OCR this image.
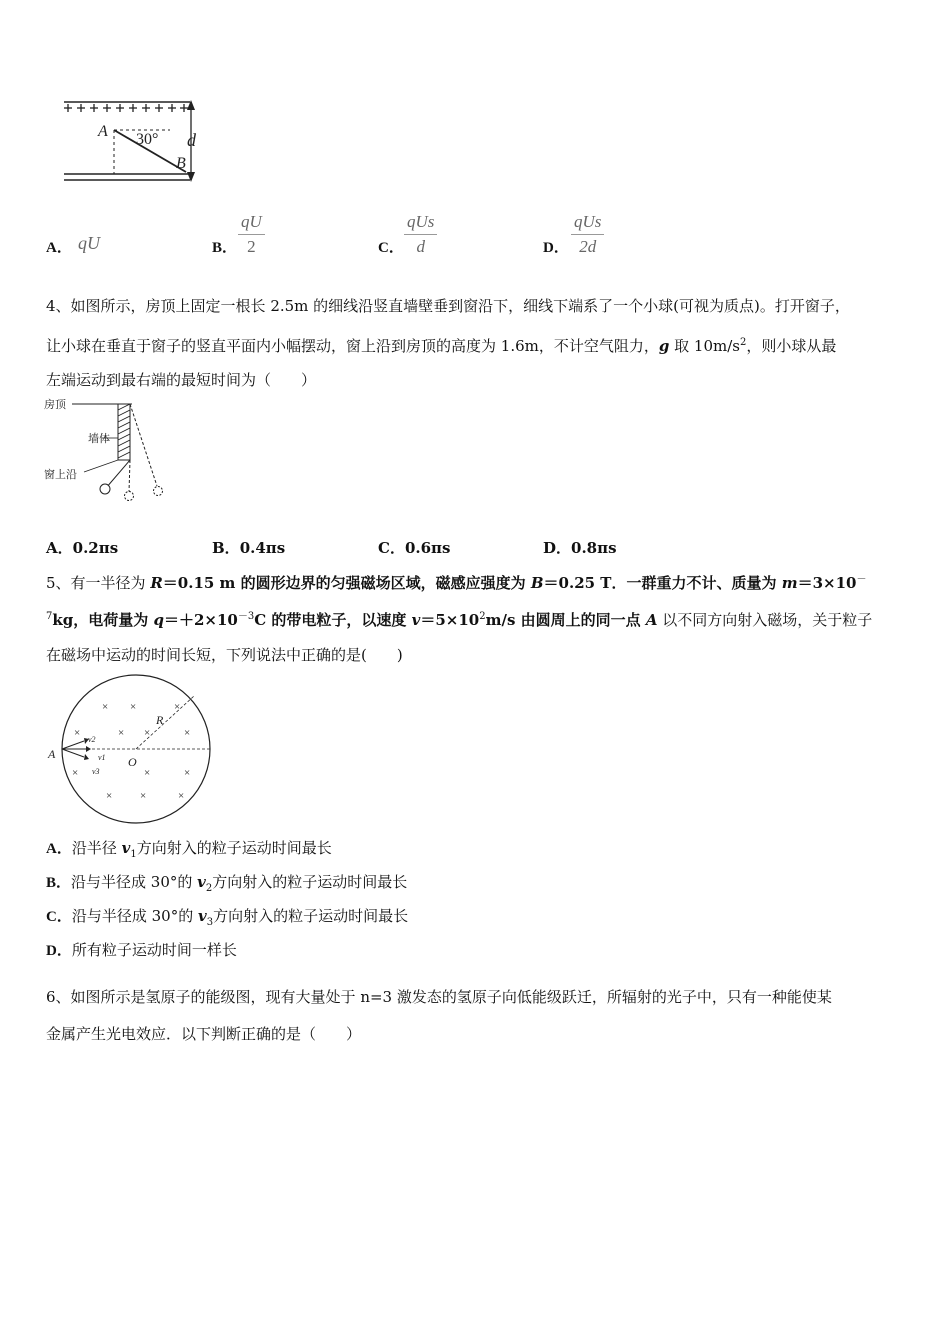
A 30°
B
d
A． qU	B． $\frac{qU}{2}$	C．
qUs
d	D．
qUs
2d
4、如图所示，房顶上固定一根长 2.5m 的细线沿竖直墙壁垂到窗沿下，细线下端系了一个小球(可视为质点)。打开窗子，
让小球在垂直于窗子的竖直平面内小幅摆动，窗上沿到房顶的高度为 1.6m，不计空气阻力，g 取 $10m/s^2$，则小球从最
左端运动到最右端的最短时间为（　　）
房顶
墙体
窗上沿
A．0.2πs	B．0.4πs	C．0.6πs	D．0.8πs
5、有一半径为 R＝0.15 m 的圆形边界的匀强磁场区域，磁感应强度为 B＝0.25 T．一群重力不计、质量为 m＝3×10－
$^7$kg，电荷量为 $q=+2\times 10^{-3}C$ 的带电粒子，以速度 $v=5\times 10^2m/s$ 由圆周上的同一点 A 以不同方向射入磁场，关于粒子
在磁场中运动的时间长短，下列说法中正确的是(　　)
A
O
R
v2
v1
v3
× ×	×
×	× ×	×
×	×	×
×	×	×
A．沿半径 $v_1$方向射入的粒子运动时间最长
B．沿与半径成 30°的 $v_2$方向射入的粒子运动时间最长
C．沿与半径成 30°的 $v_3$方向射入的粒子运动时间最长
D．所有粒子运动时间一样长
6、如图所示是氢原子的能级图，现有大量处于 n=3 激发态的氢原子向低能级跃迁，所辐射的光子中，只有一种能使某
金属产生光电效应．以下判断正确的是（　　）
